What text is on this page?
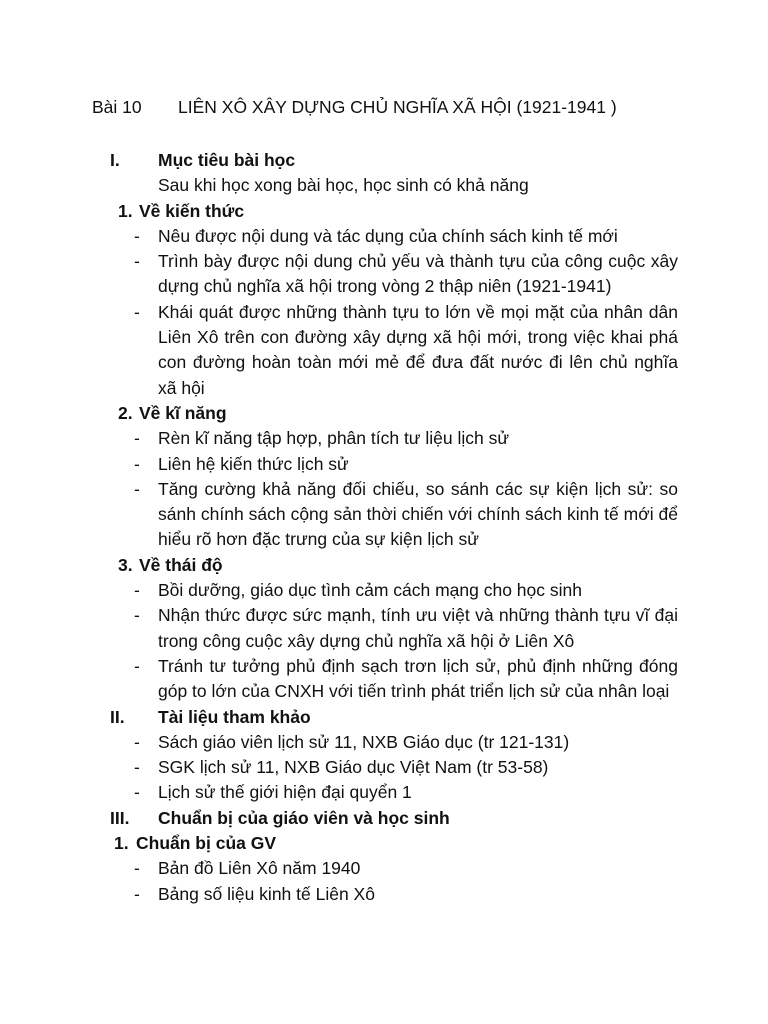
Bài 10 LIÊN XÔ XÂY DỰNG CHỦ NGHĨA XÃ HỘI (1921-1941 )
I. Mục tiêu bài học
Sau khi học xong bài học, học sinh có khả năng
1. Về kiến thức
- Nêu được nội dung và tác dụng của chính sách kinh tế mới
- Trình bày được nội dung chủ yếu và thành tựu của công cuộc xây dựng chủ nghĩa xã hội trong vòng 2 thập niên (1921-1941)
- Khái quát được những thành tựu to lớn về mọi mặt của nhân dân Liên Xô trên con đường xây dựng xã hội mới, trong việc khai phá con đường hoàn toàn mới mẻ để đưa đất nước đi lên chủ nghĩa xã hội
2. Về kĩ năng
- Rèn kĩ năng tập hợp, phân tích tư liệu lịch sử
- Liên hệ kiến thức lịch sử
- Tăng cường khả năng đối chiếu, so sánh các sự kiện lịch sử: so sánh chính sách cộng sản thời chiến với chính sách kinh tế mới để hiểu rõ hơn đặc trưng của sự kiện lịch sử
3. Về thái độ
- Bồi dưỡng, giáo dục tình cảm cách mạng cho học sinh
- Nhận thức được sức mạnh, tính ưu việt và những thành tựu vĩ đại trong công cuộc xây dựng chủ nghĩa xã hội ở Liên Xô
- Tránh tư tưởng phủ định sạch trơn lịch sử, phủ định những đóng góp to lớn của CNXH với tiến trình phát triển lịch sử của nhân loại
II. Tài liệu tham khảo
- Sách giáo viên lịch sử 11, NXB Giáo dục (tr 121-131)
- SGK lịch sử 11, NXB Giáo dục Việt Nam (tr 53-58)
- Lịch sử thế giới hiện đại quyển 1
III. Chuẩn bị của giáo viên và học sinh
1. Chuẩn bị của GV
- Bản đồ Liên Xô năm 1940
- Bảng số liệu kinh tế Liên Xô
